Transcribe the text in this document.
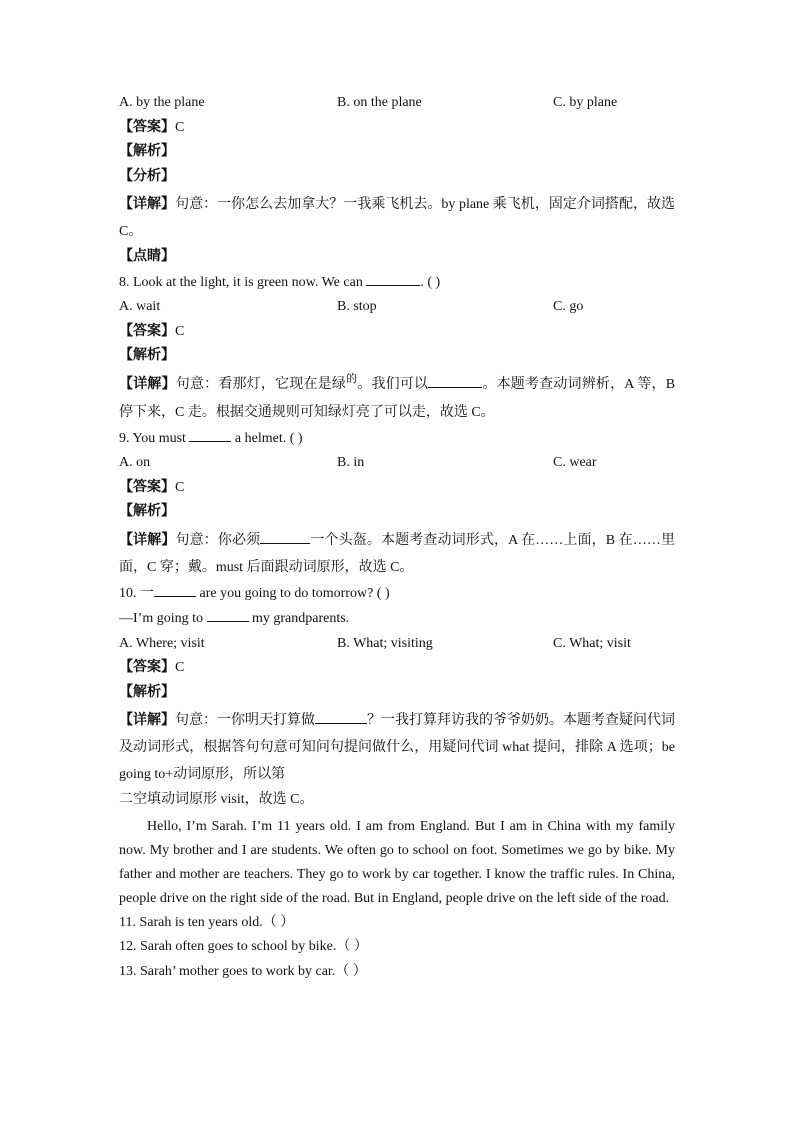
A. by the plane	B. on the plane	C. by plane
【答案】C
【解析】
【分析】
【详解】句意：一你怎么去加拿大？一我乘飞机去。by plane 乘飞机，固定介词搭配，故选 C。
【点睛】
8. Look at the light, it is green now. We can	. ( )
A. wait	B. stop	C. go
【答案】C
【解析】
【详解】句意：看那灯，它现在是绿$^的$。我们可以	。本题考查动词辨析，A 等，B 停下来，C 走。根据交通规则可知绿灯亮了可以走，故选 C。
9. You must	a helmet. ( )
A. on	B. in	C. wear
【答案】C
【解析】
【详解】句意：你必须	一个头盔。本题考查动词形式，A 在……上面，B 在……里面，C 穿；戴。must 后面跟动词原形，故选 C。
10. 一	are you going to do tomorrow? ( )
—I’m going to	my grandparents.
A. Where; visit	B. What; visiting	C. What; visit
【答案】C
【解析】
【详解】句意：一你明天打算做	？一我打算拜访我的爷爷奶奶。本题考查疑问代词及动词形式，根据答句句意可知问句提问做什么，用疑问代词 what 提问，排除 A 选项；be going to+动词原形，所以第
二空填动词原形 visit，故选 C。
Hello, I’m Sarah. I’m 11 years old. I am from England. But I am in China with my family now. My brother and I are students. We often go to school on foot. Sometimes we go by bike. My father and mother are teachers. They go to work by car together. I know the traffic rules. In China, people drive on the right side of the road. But in England, people drive on the left side of the road.
11. Sarah is ten years old.（ ）
12. Sarah often goes to school by bike.（ ）
13. Sarah’ mother goes to work by car.（ ）
